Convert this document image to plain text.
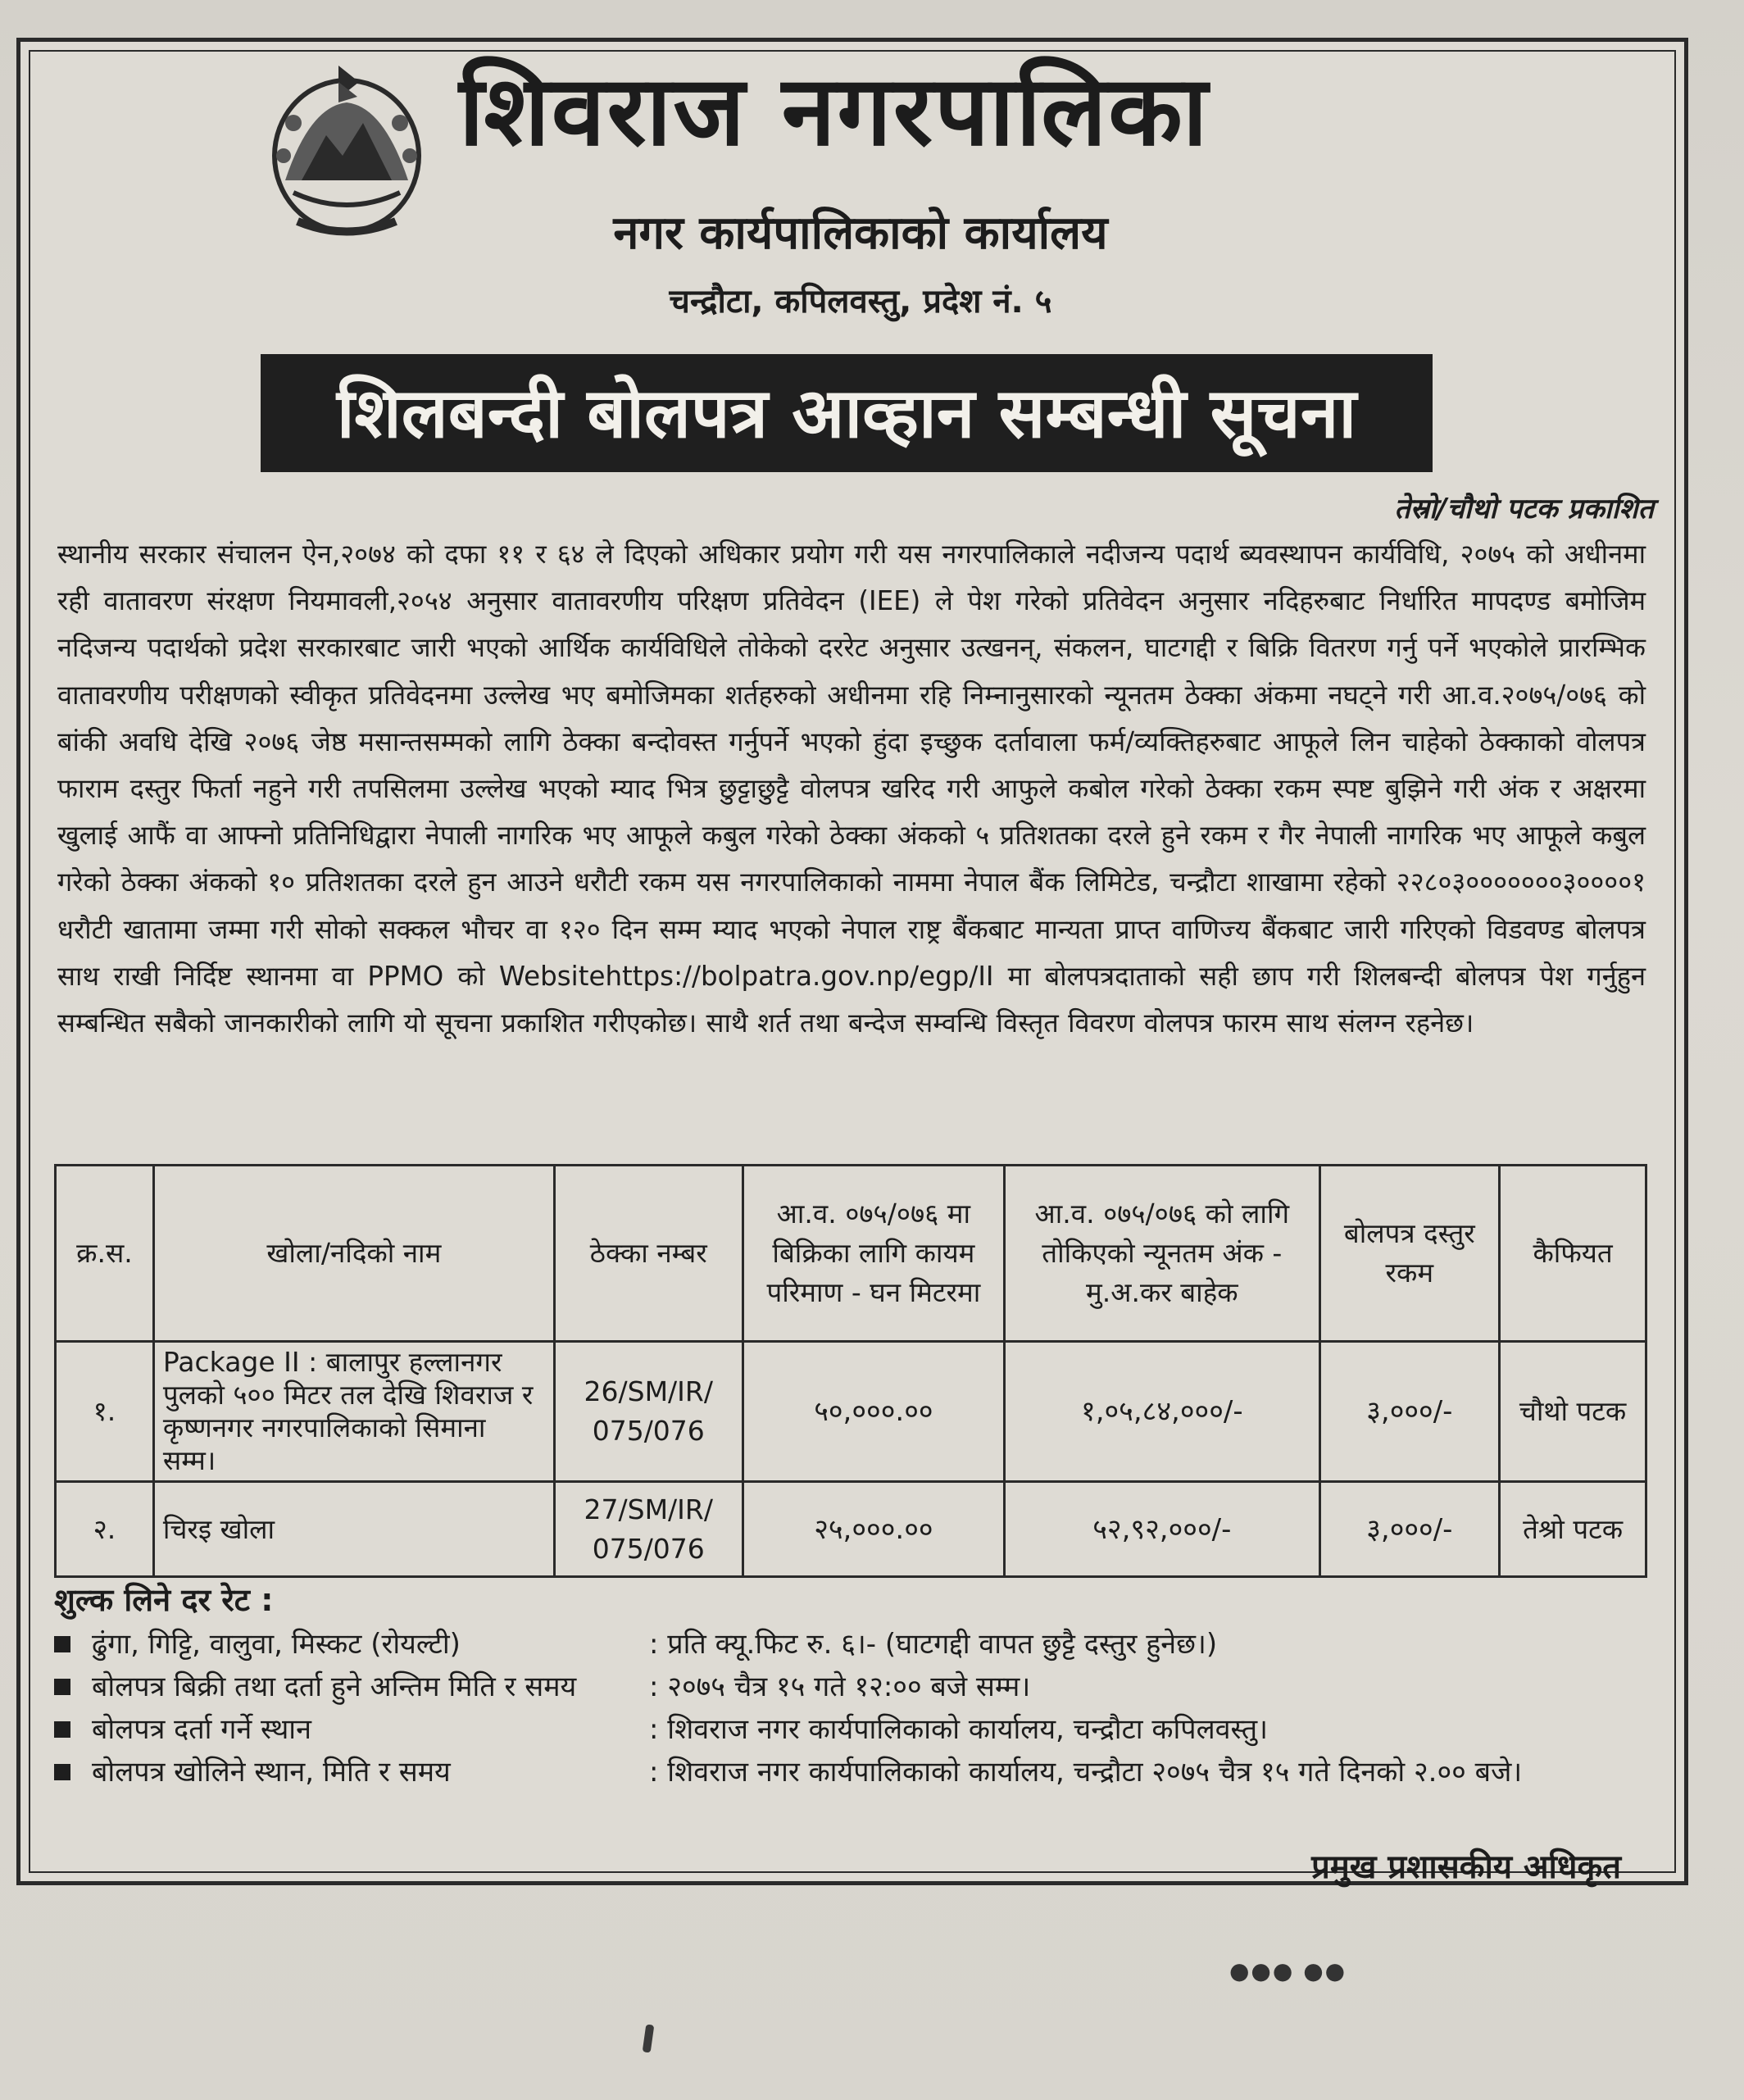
शिवराज नगरपालिका
नगर कार्यपालिकाको कार्यालय
चन्द्रौटा, कपिलवस्तु, प्रदेश नं. ५
शिलबन्दी बोलपत्र आव्हान सम्बन्धी सूचना
तेस्रो/चौथो पटक प्रकाशित
स्थानीय सरकार संचालन ऐन,२०७४ को दफा ११ र ६४ ले दिएको अधिकार प्रयोग गरी यस नगरपालिकाले नदीजन्य पदार्थ ब्यवस्थापन कार्यविधि, २०७५ को अधीनमा रही वातावरण संरक्षण नियमावली,२०५४ अनुसार वातावरणीय परिक्षण प्रतिवेदन (IEE) ले पेश गरेको प्रतिवेदन अनुसार नदिहरुबाट निर्धारित मापदण्ड बमोजिम नदिजन्य पदार्थको प्रदेश सरकारबाट जारी भएको आर्थिक कार्यविधिले तोकेको दररेट अनुसार उत्खनन्, संकलन, घाटगद्दी र बिक्रि वितरण गर्नु पर्ने भएकोले प्रारम्भिक वातावरणीय परीक्षणको स्वीकृत प्रतिवेदनमा उल्लेख भए बमोजिमका शर्तहरुको अधीनमा रहि निम्नानुसारको न्यूनतम ठेक्का अंकमा नघट्ने गरी आ.व.२०७५/०७६ को बांकी अवधि देखि २०७६ जेष्ठ मसान्तसम्मको लागि ठेक्का बन्दोवस्त गर्नुपर्ने भएको हुंदा इच्छुक दर्तावाला फर्म/व्यक्तिहरुबाट आफूले लिन चाहेको ठेक्काको वोलपत्र फाराम दस्तुर फिर्ता नहुने गरी तपसिलमा उल्लेख भएको म्याद भित्र छुट्टाछुट्टै वोलपत्र खरिद गरी आफुले कबोल गरेको ठेक्का रकम स्पष्ट बुझिने गरी अंक र अक्षरमा खुलाई आफैं वा आफ्नो प्रतिनिधिद्वारा नेपाली नागरिक भए आफूले कबुल गरेको ठेक्का अंकको ५ प्रतिशतका दरले हुने रकम र गैर नेपाली नागरिक भए आफूले कबुल गरेको ठेक्का अंकको १० प्रतिशतका दरले हुन आउने धरौटी रकम यस नगरपालिकाको नाममा नेपाल बैंक लिमिटेड, चन्द्रौटा शाखामा रहेको २२८०३०००००००३००००१ धरौटी खातामा जम्मा गरी सोको सक्कल भौचर वा १२० दिन सम्म म्याद भएको नेपाल राष्ट्र बैंकबाट मान्यता प्राप्त वाणिज्य बैंकबाट जारी गरिएको विडवण्ड बोलपत्र साथ राखी निर्दिष्ट स्थानमा वा PPMO को Websitehttps://bolpatra.gov.np/egp/II मा बोलपत्रदाताको सही छाप गरी शिलबन्दी बोलपत्र पेश गर्नुहुन सम्बन्धित सबैको जानकारीको लागि यो सूचना प्रकाशित गरीएकोछ। साथै शर्त तथा बन्देज सम्वन्धि विस्तृत विवरण वोलपत्र फारम साथ संलग्न रहनेछ।
क्र.स.	खोला/नदिको नाम	ठेक्का नम्बर	आ.व. ०७५/०७६ मा बिक्रिका लागि कायम परिमाण - घन मिटरमा	आ.व. ०७५/०७६ को लागि तोकिएको न्यूनतम अंक - मु.अ.कर बाहेक	बोलपत्र दस्तुर रकम	कैफियत
१.	Package II : बालापुर हल्लानगर पुलको ५०० मिटर तल देखि शिवराज र कृष्णनगर नगरपालिकाको सिमाना सम्म।	26/SM/IR/ 075/076	५०,०००.००	१,०५,८४,०००/-	३,०००/-	चौथो पटक
२.	चिरइ खोला	27/SM/IR/ 075/076	२५,०००.००	५२,९२,०००/-	३,०००/-	तेश्रो पटक
शुल्क लिने दर रेट :
ढुंगा, गिट्टि, वालुवा, मिस्कट (रोयल्टी)	: प्रति क्यू.फिट रु. ६।- (घाटगद्दी वापत छुट्टै दस्तुर हुनेछ।)
बोलपत्र बिक्री तथा दर्ता हुने अन्तिम मिति र समय	: २०७५ चैत्र १५ गते १२:०० बजे सम्म।
बोलपत्र दर्ता गर्ने स्थान	: शिवराज नगर कार्यपालिकाको कार्यालय, चन्द्रौटा कपिलवस्तु।
बोलपत्र खोलिने स्थान, मिति र समय	: शिवराज नगर कार्यपालिकाको कार्यालय, चन्द्रौटा २०७५ चैत्र १५ गते दिनको २.०० बजे।
प्रमुख प्रशासकीय अधिकृत
●●● ●●
